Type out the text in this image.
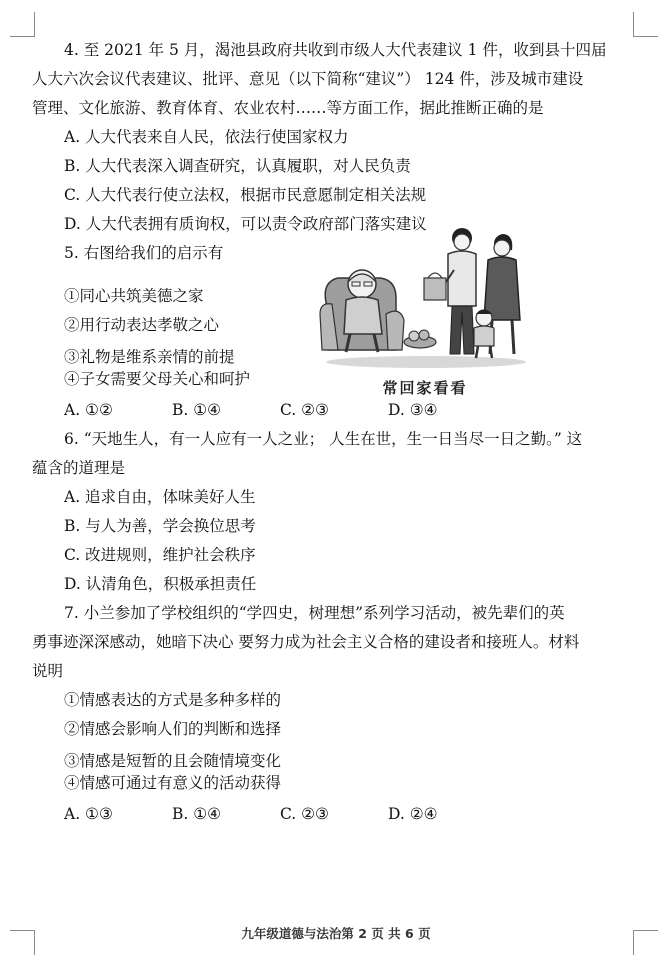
4. 至 2021 年 5 月，渴池县政府共收到市级人大代表建议 1 件，收到县十四届
人大六次会议代表建议、批评、意见（以下简称“建议”） 124 件，涉及城市建设
管理、文化旅游、教育体育、农业农村……等方面工作，据此推断正确的是
A. 人大代表来自人民，依法行使国家权力
B. 人大代表深入调查研究，认真履职，对人民负责
C. 人大代表行使立法权，根据市民意愿制定相关法规
D. 人大代表拥有质询权，可以责令政府部门落实建议
5. 右图给我们的启示有
①同心共筑美德之家
②用行动表达孝敬之心
③礼物是维系亲情的前提
④子女需要父母关心和呵护
A. ①②	B. ①④	C. ②③	D. ③④
6. “天地生人，有一人应有一人之业； 人生在世，生一日当尽一日之勤。” 这
蕴含的道理是
A. 追求自由，体味美好人生
B. 与人为善，学会换位思考
C. 改进规则，维护社会秩序
D. 认清角色，积极承担责任
7. 小兰参加了学校组织的“学四史，树理想”系列学习活动，被先辈们的英
勇事迹深深感动，她暗下决心 要努力成为社会主义合格的建设者和接班人。材料
说明
①情感表达的方式是多种多样的
②情感会影响人们的判断和选择
③情感是短暂的且会随情境变化
④情感可通过有意义的活动获得
A. ①③	B. ①④	C. ②③	D. ②④
常回家看看
九年级道德与法治第 2 页 共 6 页
